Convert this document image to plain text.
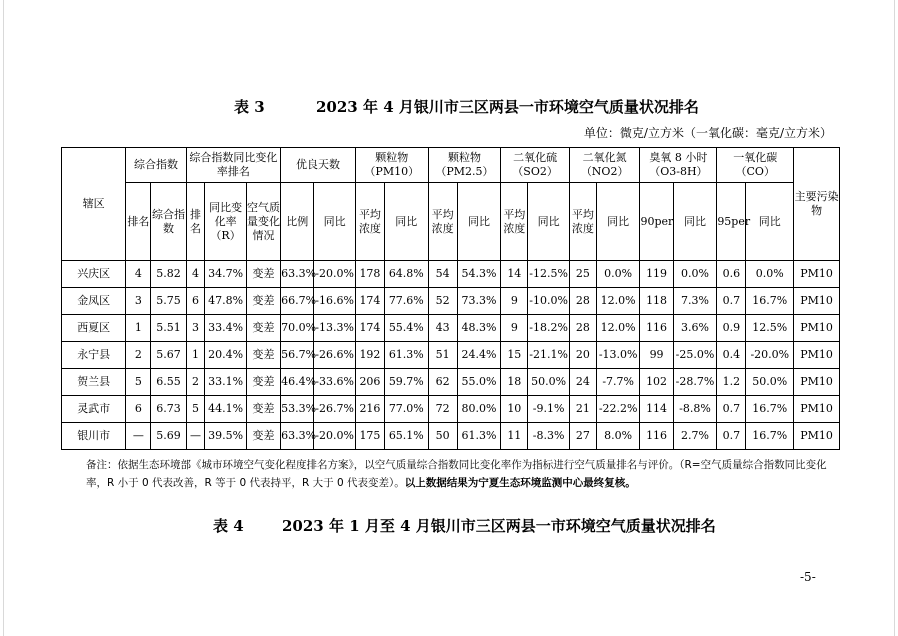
表 3	2023 年 4 月银川市三区两县一市环境空气质量状况排名
单位：微克/立方米（一氧化碳：毫克/立方米）
辖区	综合指数		综合指数同比变化率排名			优良天数		颗粒物（PM10）		颗粒物（PM2.5）		二氧化硫（SO2）		二氧化氮（NO2）		臭氧 8 小时（O3-8H）		一氧化碳（CO）		主要污染物
	排名	综合指数	排名	同比变化率（R）	空气质量变化情况	比例	同比	平均浓度	同比	平均浓度	同比	平均浓度	同比	平均浓度	同比	90per	同比	95per	同比	
兴庆区	4	5.82	4	34.7%	变差	63.3%	-20.0%	178	64.8%	54	54.3%	14	-12.5%	25	0.0%	119	0.0%	0.6	0.0%	PM10
金凤区	3	5.75	6	47.8%	变差	66.7%	-16.6%	174	77.6%	52	73.3%	9	-10.0%	28	12.0%	118	7.3%	0.7	16.7%	PM10
西夏区	1	5.51	3	33.4%	变差	70.0%	-13.3%	174	55.4%	43	48.3%	9	-18.2%	28	12.0%	116	3.6%	0.9	12.5%	PM10
永宁县	2	5.67	1	20.4%	变差	56.7%	-26.6%	192	61.3%	51	24.4%	15	-21.1%	20	-13.0%	99	-25.0%	0.4	-20.0%	PM10
贺兰县	5	6.55	2	33.1%	变差	46.4%	-33.6%	206	59.7%	62	55.0%	18	50.0%	24	-7.7%	102	-28.7%	1.2	50.0%	PM10
灵武市	6	6.73	5	44.1%	变差	53.3%	-26.7%	216	77.0%	72	80.0%	10	-9.1%	21	-22.2%	114	-8.8%	0.7	16.7%	PM10
银川市	—	5.69	—	39.5%	变差	63.3%	-20.0%	175	65.1%	50	61.3%	11	-8.3%	27	8.0%	116	2.7%	0.7	16.7%	PM10
备注：依据生态环境部《城市环境空气变化程度排名方案》，以空气质量综合指数同比变化率作为指标进行空气质量排名与评价。（R=空气质量综合指数同比变化率，R 小于 0 代表改善，R 等于 0 代表持平，R 大于 0 代表变差）。以上数据结果为宁夏生态环境监测中心最终复核。
表 4	2023 年 1 月至 4 月银川市三区两县一市环境空气质量状况排名
-5-
